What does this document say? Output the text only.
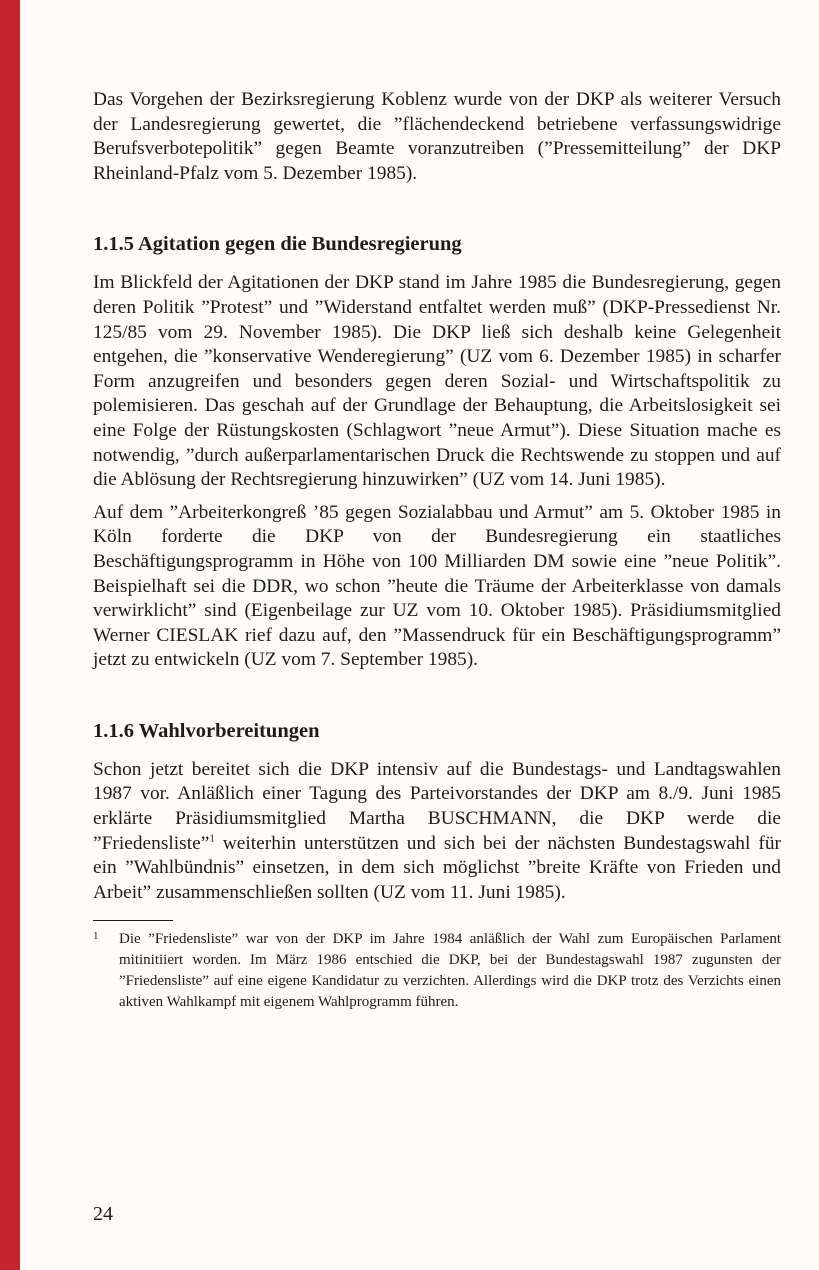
Das Vorgehen der Bezirksregierung Koblenz wurde von der DKP als weiterer Versuch der Landesregierung gewertet, die ”flächendeckend betriebene verfassungswidrige Berufsverbotepolitik” gegen Beamte voranzutreiben (”Pressemitteilung” der DKP Rheinland-Pfalz vom 5. Dezember 1985).

1.1.5 Agitation gegen die Bundesregierung

Im Blickfeld der Agitationen der DKP stand im Jahre 1985 die Bundesregierung, gegen deren Politik ”Protest” und ”Widerstand entfaltet werden muß” (DKP-Pressedienst Nr. 125/85 vom 29. November 1985). Die DKP ließ sich deshalb keine Gelegenheit entgehen, die ”konservative Wenderegierung” (UZ vom 6. Dezember 1985) in scharfer Form anzugreifen und besonders gegen deren Sozial- und Wirtschaftspolitik zu polemisieren. Das geschah auf der Grundlage der Behauptung, die Arbeitslosigkeit sei eine Folge der Rüstungskosten (Schlagwort ”neue Armut”). Diese Situation mache es notwendig, ”durch außerparlamentarischen Druck die Rechtswende zu stoppen und auf die Ablösung der Rechtsregierung hinzuwirken” (UZ vom 14. Juni 1985).

Auf dem ”Arbeiterkongreß ’85 gegen Sozialabbau und Armut” am 5. Oktober 1985 in Köln forderte die DKP von der Bundesregierung ein staatliches Beschäftigungsprogramm in Höhe von 100 Milliarden DM sowie eine ”neue Politik”. Beispielhaft sei die DDR, wo schon ”heute die Träume der Arbeiterklasse von damals verwirklicht” sind (Eigenbeilage zur UZ vom 10. Oktober 1985). Präsidiumsmitglied Werner CIESLAK rief dazu auf, den ”Massendruck für ein Beschäftigungsprogramm” jetzt zu entwickeln (UZ vom 7. September 1985).

1.1.6 Wahlvorbereitungen

Schon jetzt bereitet sich die DKP intensiv auf die Bundestags- und Landtagswahlen 1987 vor. Anläßlich einer Tagung des Parteivorstandes der DKP am 8./9. Juni 1985 erklärte Präsidiumsmitglied Martha BUSCHMANN, die DKP werde die ”Friedensliste”$^1$ weiterhin unterstützen und sich bei der nächsten Bundestagswahl für ein ”Wahlbündnis” einsetzen, in dem sich möglichst ”breite Kräfte von Frieden und Arbeit” zusammenschließen sollten (UZ vom 11. Juni 1985).

1 Die ”Friedensliste” war von der DKP im Jahre 1984 anläßlich der Wahl zum Europäischen Parlament mitinitiiert worden. Im März 1986 entschied die DKP, bei der Bundestagswahl 1987 zugunsten der ”Friedensliste” auf eine eigene Kandidatur zu verzichten. Allerdings wird die DKP trotz des Verzichts einen aktiven Wahlkampf mit eigenem Wahlprogramm führen.

24
